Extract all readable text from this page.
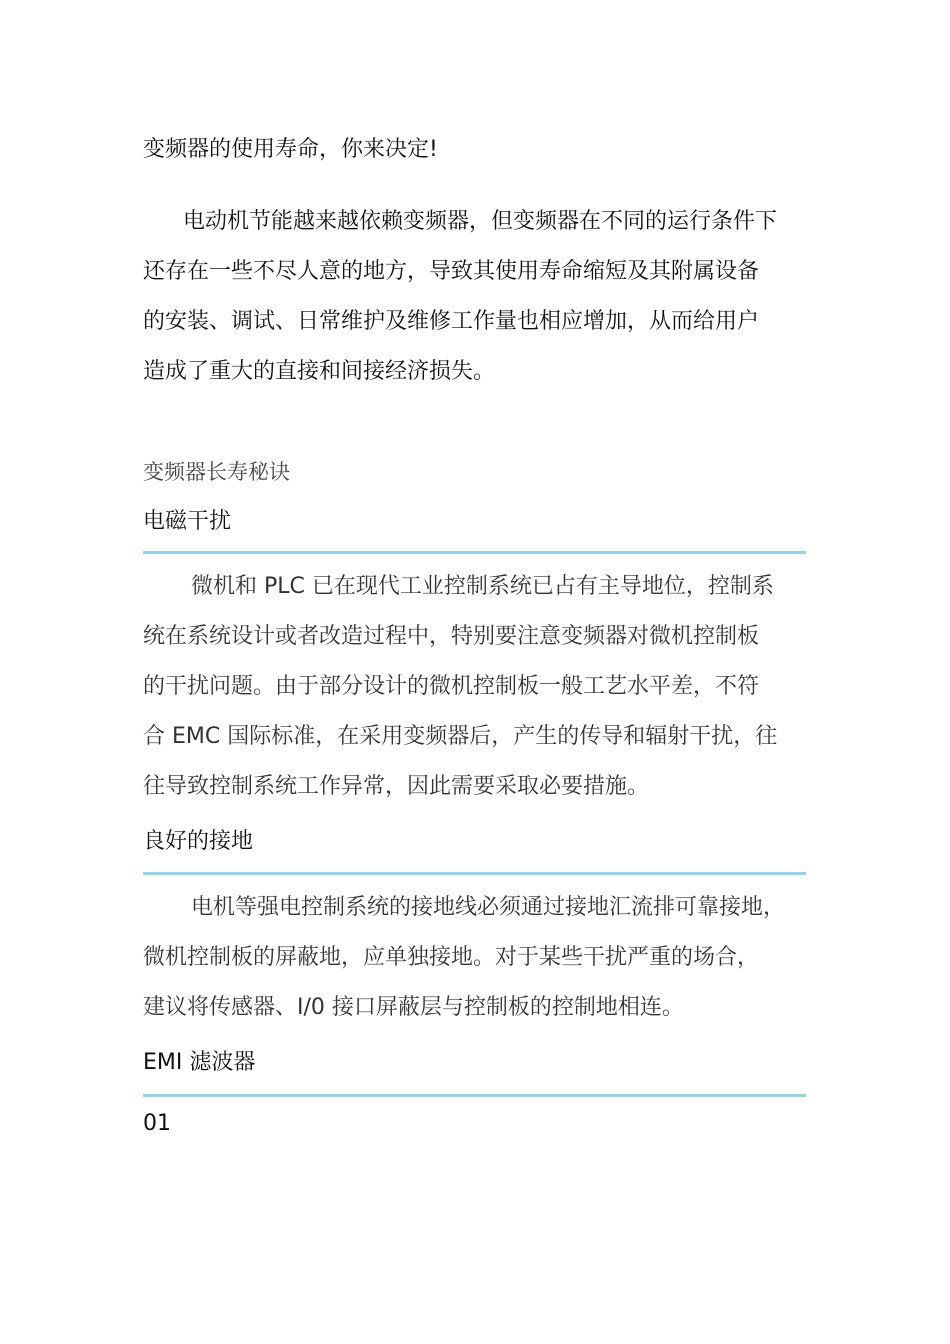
变频器的使用寿命，你来决定!
电动机节能越来越依赖变频器，但变频器在不同的运行条件下
还存在一些不尽人意的地方，导致其使用寿命缩短及其附属设备
的安装、调试、日常维护及维修工作量也相应增加，从而给用户
造成了重大的直接和间接经济损失。
变频器长寿秘诀
电磁干扰
微机和 PLC 已在现代工业控制系统已占有主导地位，控制系
统在系统设计或者改造过程中，特别要注意变频器对微机控制板
的干扰问题。由于部分设计的微机控制板一般工艺水平差，不符
合 EMC 国际标准，在采用变频器后，产生的传导和辐射干扰，往
往导致控制系统工作异常，因此需要采取必要措施。
良好的接地
电机等强电控制系统的接地线必须通过接地汇流排可靠接地，
微机控制板的屏蔽地，应单独接地。对于某些干扰严重的场合，
建议将传感器、I/0 接口屏蔽层与控制板的控制地相连。
EMI 滤波器
01
